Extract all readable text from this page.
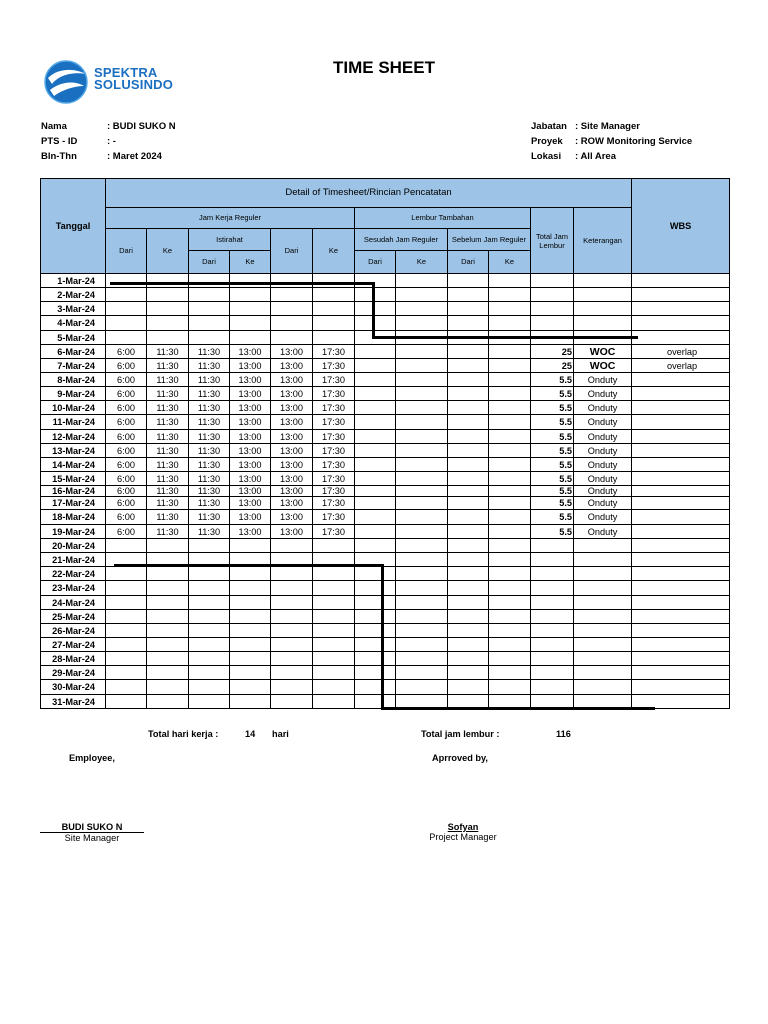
SPEKTRA
SOLUSINDO
TIME SHEET
Nama	: BUDI SUKO N
PTS - ID	: -
Bln-Thn	: Maret 2024
Jabatan : Site Manager
Proyek : ROW Monitoring Service
Lokasi : All Area
Tanggal	Detail of Timesheet/Rincian Pencatatan												WBS
	Jam Kerja Reguler						Lembur Tambahan				Total Jam Lembur	Keterangan	
	Dari	Ke	Istirahat		Dari	Ke	Sesudah Jam Reguler		Sebelum Jam Reguler				
			Dari	Ke			Dari	Ke	Dari	Ke			
1-Mar-24													
2-Mar-24													
3-Mar-24													
4-Mar-24													
5-Mar-24													
6-Mar-24	6:00	11:30	11:30	13:00	13:00	17:30					25	WOC	overlap
7-Mar-24	6:00	11:30	11:30	13:00	13:00	17:30					25	WOC	overlap
8-Mar-24	6:00	11:30	11:30	13:00	13:00	17:30					5.5	Onduty	
9-Mar-24	6:00	11:30	11:30	13:00	13:00	17:30					5.5	Onduty	
10-Mar-24	6:00	11:30	11:30	13:00	13:00	17:30					5.5	Onduty	
11-Mar-24	6:00	11:30	11:30	13:00	13:00	17:30					5.5	Onduty	
12-Mar-24	6:00	11:30	11:30	13:00	13:00	17:30					5.5	Onduty	
13-Mar-24	6:00	11:30	11:30	13:00	13:00	17:30					5.5	Onduty	
14-Mar-24	6:00	11:30	11:30	13:00	13:00	17:30					5.5	Onduty	
15-Mar-24	6:00	11:30	11:30	13:00	13:00	17:30					5.5	Onduty	
16-Mar-24	6:00	11:30	11:30	13:00	13:00	17:30					5.5	Onduty	
17-Mar-24	6:00	11:30	11:30	13:00	13:00	17:30					5.5	Onduty	
18-Mar-24	6:00	11:30	11:30	13:00	13:00	17:30					5.5	Onduty	
19-Mar-24	6:00	11:30	11:30	13:00	13:00	17:30					5.5	Onduty	
20-Mar-24													
21-Mar-24													
22-Mar-24													
23-Mar-24													
24-Mar-24													
25-Mar-24													
26-Mar-24													
27-Mar-24													
28-Mar-24													
29-Mar-24													
30-Mar-24													
31-Mar-24													
Total hari kerja :	14 hari	Total jam lembur :	116
Employee,	Aprroved by,
BUDI SUKO N
Site Manager
Sofyan
Project Manager
